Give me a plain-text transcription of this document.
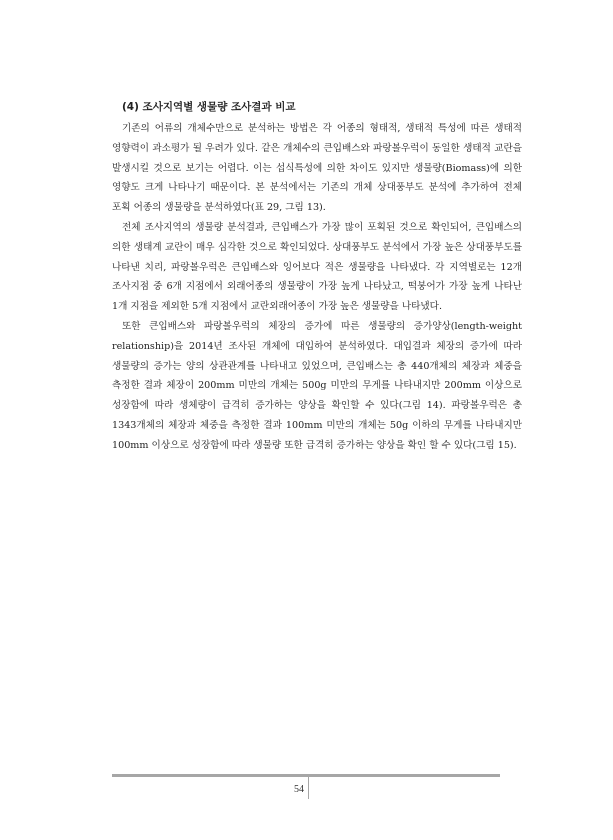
(4) 조사지역별 생물량 조사결과 비교

기존의 어류의 개체수만으로 분석하는 방법은 각 어종의 형태적, 생태적 특성에 따른 생태적 영향력이 과소평가 될 우려가 있다. 같은 개체수의 큰입배스와 파랑볼우럭이 동일한 생태적 교란을 발생시킬 것으로 보기는 어렵다. 이는 섭식특성에 의한 차이도 있지만 생물량(Biomass)에 의한 영향도 크게 나타나기 때문이다. 본 분석에서는 기존의 개체 상대풍부도 분석에 추가하여 전체 포획 어종의 생물량을 분석하였다(표 29, 그림 13).

전체 조사지역의 생물량 분석결과, 큰입배스가 가장 많이 포획된 것으로 확인되어, 큰입배스의 의한 생태계 교란이 매우 심각한 것으로 확인되었다. 상대풍부도 분석에서 가장 높은 상대풍부도를 나타낸 치리, 파랑볼우럭은 큰입배스와 잉어보다 적은 생물량을 나타냈다. 각 지역별로는 12개 조사지점 중 6개 지점에서 외래어종의 생물량이 가장 높게 나타났고, 떡붕어가 가장 높게 나타난 1개 지점을 제외한 5개 지점에서 교란외래어종이 가장 높은 생물량을 나타냈다.

또한 큰입배스와 파랑볼우럭의 체장의 증가에 따른 생물량의 증가양상(length-weight relationship)을 2014년 조사된 개체에 대입하여 분석하였다. 대입결과 체장의 증가에 따라 생물량의 증가는 양의 상관관계를 나타내고 있었으며, 큰입배스는 총 440개체의 체장과 체중을 측정한 결과 체장이 200mm 미만의 개체는 500g 미만의 무게를 나타내지만 200mm 이상으로 성장함에 따라 생체량이 급격히 증가하는 양상을 확인할 수 있다(그림 14). 파랑볼우럭은 총 1343개체의 체장과 체중을 측정한 결과 100mm 미만의 개체는 50g 이하의 무게를 나타내지만 100mm 이상으로 성장함에 따라 생물량 또한 급격히 증가하는 양상을 확인 할 수 있다(그림 15).

54
